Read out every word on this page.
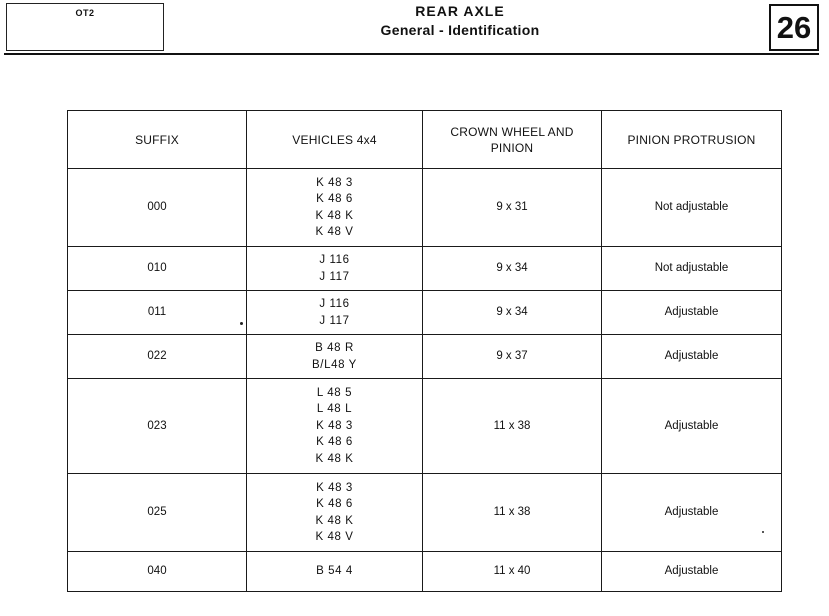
OT2	REAR AXLE
General - Identification	26
SUFFIX	VEHICLES 4x4	CROWN WHEEL AND PINION	PINION PROTRUSION
000	K 48 3
K 48 6
K 48 K
K 48 V	9 x 31	Not adjustable
010	J 116
J 117	9 x 34	Not adjustable
011	J 116
J 117	9 x 34	Adjustable
022	B 48 R
B/L48 Y	9 x 37	Adjustable
023	L 48 5
L 48 L
K 48 3
K 48 6
K 48 K	11 x 38	Adjustable
025	K 48 3
K 48 6
K 48 K
K 48 V	11 x 38	Adjustable
040	B 54 4	11 x 40	Adjustable
